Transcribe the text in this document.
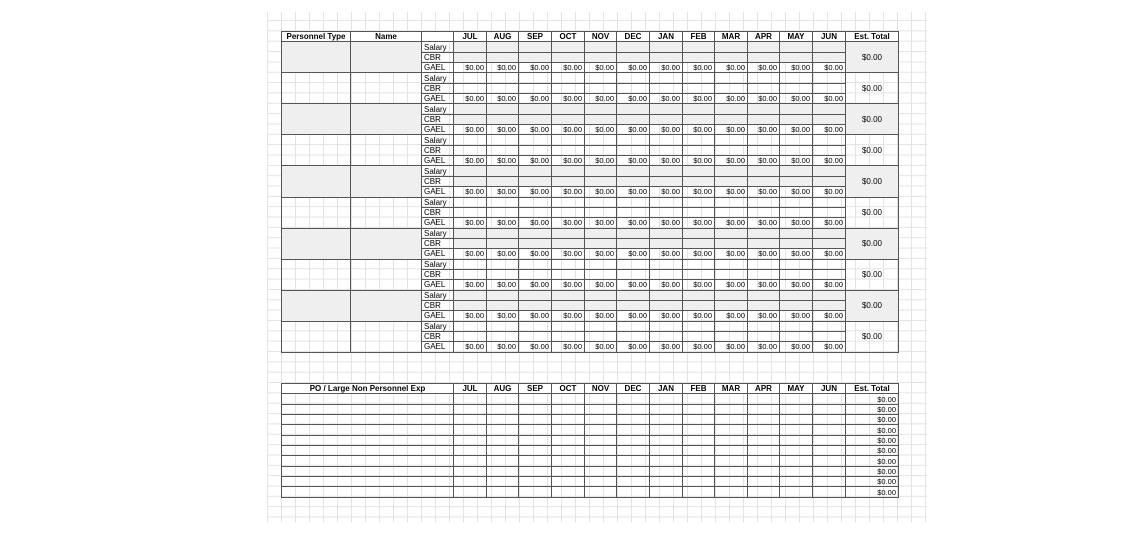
Personnel Type	Name		JUL	AUG	SEP	OCT	NOV	DEC	JAN	FEB	MAR	APR	MAY	JUN	Est. Total
		Salary													$0.00
		CBR													
		GAEL	$0.00	$0.00	$0.00	$0.00	$0.00	$0.00	$0.00	$0.00	$0.00	$0.00	$0.00	$0.00	
		Salary													$0.00
		CBR													
		GAEL	$0.00	$0.00	$0.00	$0.00	$0.00	$0.00	$0.00	$0.00	$0.00	$0.00	$0.00	$0.00	
		Salary													$0.00
		CBR													
		GAEL	$0.00	$0.00	$0.00	$0.00	$0.00	$0.00	$0.00	$0.00	$0.00	$0.00	$0.00	$0.00	
		Salary													$0.00
		CBR													
		GAEL	$0.00	$0.00	$0.00	$0.00	$0.00	$0.00	$0.00	$0.00	$0.00	$0.00	$0.00	$0.00	
		Salary													$0.00
		CBR													
		GAEL	$0.00	$0.00	$0.00	$0.00	$0.00	$0.00	$0.00	$0.00	$0.00	$0.00	$0.00	$0.00	
		Salary													$0.00
		CBR													
		GAEL	$0.00	$0.00	$0.00	$0.00	$0.00	$0.00	$0.00	$0.00	$0.00	$0.00	$0.00	$0.00	
		Salary													$0.00
		CBR													
		GAEL	$0.00	$0.00	$0.00	$0.00	$0.00	$0.00	$0.00	$0.00	$0.00	$0.00	$0.00	$0.00	
		Salary													$0.00
		CBR													
		GAEL	$0.00	$0.00	$0.00	$0.00	$0.00	$0.00	$0.00	$0.00	$0.00	$0.00	$0.00	$0.00	
		Salary													$0.00
		CBR													
		GAEL	$0.00	$0.00	$0.00	$0.00	$0.00	$0.00	$0.00	$0.00	$0.00	$0.00	$0.00	$0.00	
		Salary													$0.00
		CBR													
		GAEL	$0.00	$0.00	$0.00	$0.00	$0.00	$0.00	$0.00	$0.00	$0.00	$0.00	$0.00	$0.00	
PO / Large Non Personnel Exp	JUL	AUG	SEP	OCT	NOV	DEC	JAN	FEB	MAR	APR	MAY	JUN	Est. Total
													$0.00
													$0.00
													$0.00
													$0.00
													$0.00
													$0.00
													$0.00
													$0.00
													$0.00
													$0.00
